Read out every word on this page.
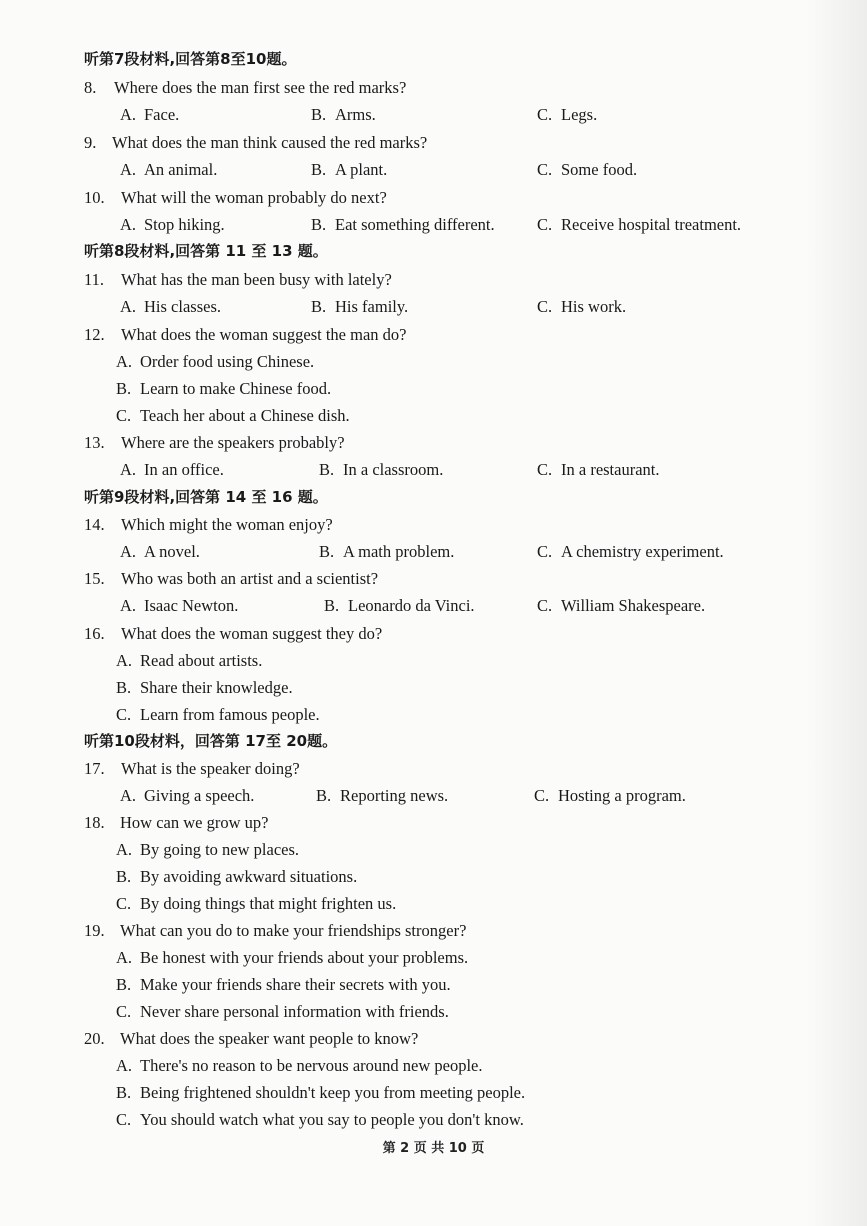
听第7段材料,回答第8至10题。
8. Where does the man first see the red marks?
A. Face.	B. Arms.	C. Legs.
9. What does the man think caused the red marks?
A. An animal.	B. A plant.	C. Some food.
10. What will the woman probably do next?
A. Stop hiking.	B. Eat something different.	C. Receive hospital treatment.
听第8段材料,回答第 11 至 13 题。
11. What has the man been busy with lately?
A. His classes.	B. His family.	C. His work.
12. What does the woman suggest the man do?
A. Order food using Chinese.
B. Learn to make Chinese food.
C. Teach her about a Chinese dish.
13. Where are the speakers probably?
A. In an office.	B. In a classroom.	C. In a restaurant.
听第9段材料,回答第 14 至 16 题。
14. Which might the woman enjoy?
A. A novel.	B. A math problem.	C. A chemistry experiment.
15. Who was both an artist and a scientist?
A. Isaac Newton.	B. Leonardo da Vinci.	C. William Shakespeare.
16. What does the woman suggest they do?
A. Read about artists.
B. Share their knowledge.
C. Learn from famous people.
听第10段材料，回答第 17至 20题。
17. What is the speaker doing?
A. Giving a speech.	B. Reporting news.	C. Hosting a program.
18. How can we grow up?
A. By going to new places.
B. By avoiding awkward situations.
C. By doing things that might frighten us.
19. What can you do to make your friendships stronger?
A. Be honest with your friends about your problems.
B. Make your friends share their secrets with you.
C. Never share personal information with friends.
20. What does the speaker want people to know?
A. There's no reason to be nervous around new people.
B. Being frightened shouldn't keep you from meeting people.
C. You should watch what you say to people you don't know.
第 2 页 共 10 页
